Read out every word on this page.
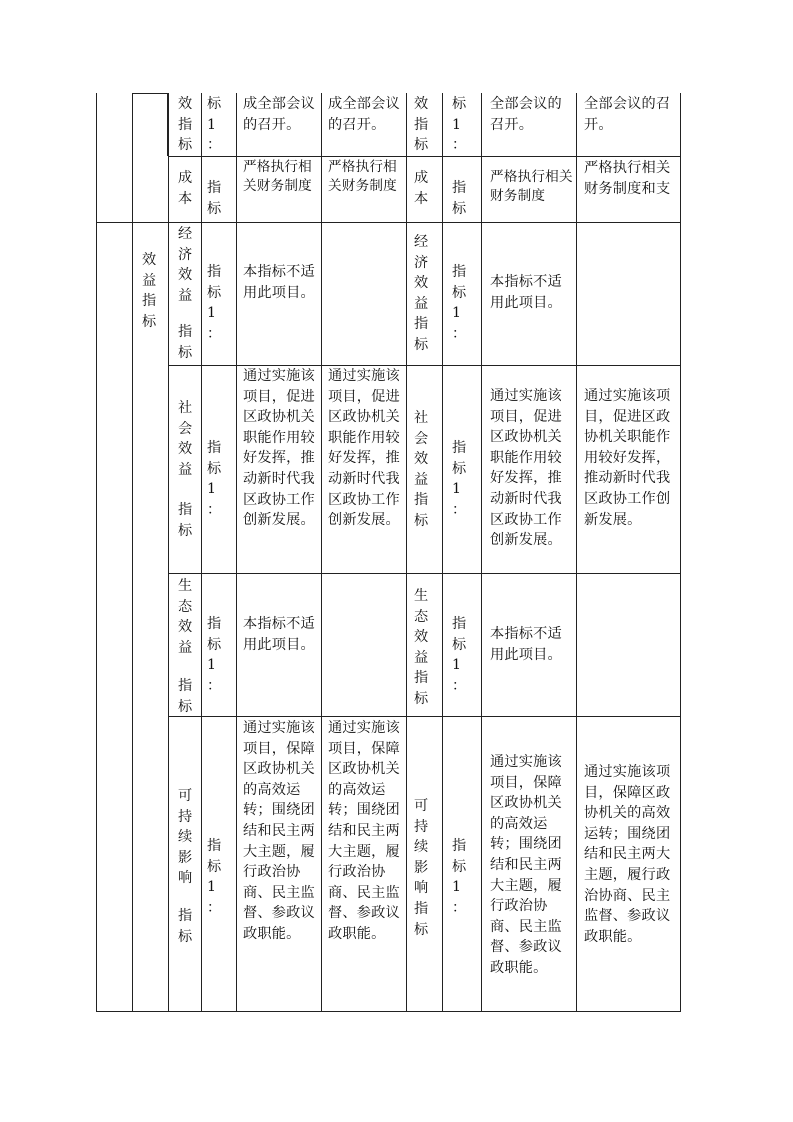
效
指
标
标
1
：
成全部会议的召开。
成全部会议的召开。
效
指
标
标
1
：
全部会议的召开。
全部会议的召开。
成
本
指
标
严格执行相关财务制度
严格执行相关财务制度 成
本
指
标
严格执行相关财务制度
严格执行相关财务制度和支
效
益
指
标
经
济
效
益
指
标
指
标
1
：
本指标不适用此项目。
经
济
效
益
指
标
指
标
1
：
本指标不适用此项目。
社
会
效
益
指
标
指
标
1
：
通过实施该项目，促进区政协机关职能作用较好发挥，推动新时代我区政协工作创新发展。
通过实施该项目，促进区政协机关职能作用较好发挥，推动新时代我区政协工作创新发展。
社
会
效
益
指
标
指
标
1
：
通过实施该项目，促进区政协机关职能作用较好发挥，推动新时代我区政协工作创新发展。
通过实施该项目，促进区政协机关职能作用较好发挥，推动新时代我区政协工作创新发展。
生
态
效
益
指
标
指
标
1
：
本指标不适用此项目。
生
态
效
益
指
标
指
标
1
：
本指标不适用此项目。
可
持
续
影
响
指
标
指
标
1
：
通过实施该项目，保障区政协机关的高效运转；围绕团结和民主两大主题，履行政治协商、民主监督、参政议政职能。
通过实施该项目，保障区政协机关的高效运转；围绕团结和民主两大主题，履行政治协商、民主监督、参政议政职能。
可
持
续
影
响
指
标
指
标
1
：
通过实施该项目，保障区政协机关的高效运转；围绕团结和民主两大主题，履行政治协商、民主监督、参政议政职能。
通过实施该项目，保障区政协机关的高效运转；围绕团结和民主两大主题，履行政治协商、民主监督、参政议政职能。
